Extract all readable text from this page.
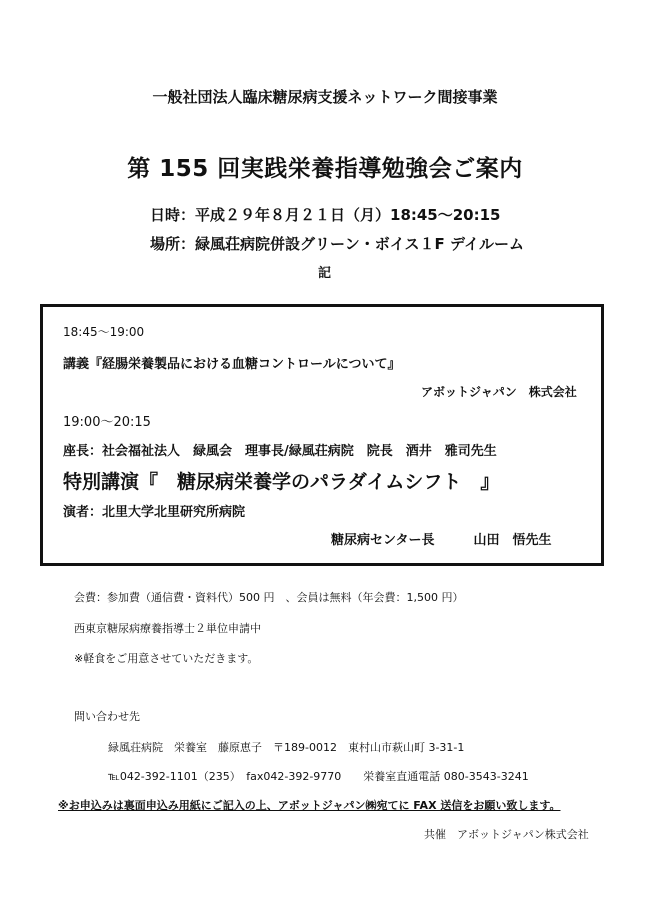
一般社団法人臨床糖尿病支援ネットワーク間接事業
第 155 回実践栄養指導勉強会ご案内
日時：平成２９年８月２１日（月）18:45〜20:15
場所：緑風荘病院併設グリーン・ボイス１F デイルーム
記
18:45〜19:00
講義『経腸栄養製品における血糖コントロールについて』
アボットジャパン　株式会社
19:00〜20:15
座長：社会福祉法人　緑風会　理事長/緑風荘病院　院長　酒井　雅司先生
特別講演『　糖尿病栄養学のパラダイムシフト　』
演者：北里大学北里研究所病院
糖尿病センター長　　　山田　悟先生
会費：参加費（通信費・資料代）500 円　、会員は無料（年会費：1,500 円）
西東京糖尿病療養指導士２単位申請中
※軽食をご用意させていただきます。
問い合わせ先
緑風荘病院　栄養室　藤原恵子　〒189-0012　東村山市萩山町 3-31-1
℡042-392-1101（235）　fax042-392-9770　　栄養室直通電話 080-3543-3241
※お申込みは裏面申込み用紙にご記入の上、アボットジャパン㈱宛てに FAX 送信をお願い致します。
共催　アボットジャパン株式会社
